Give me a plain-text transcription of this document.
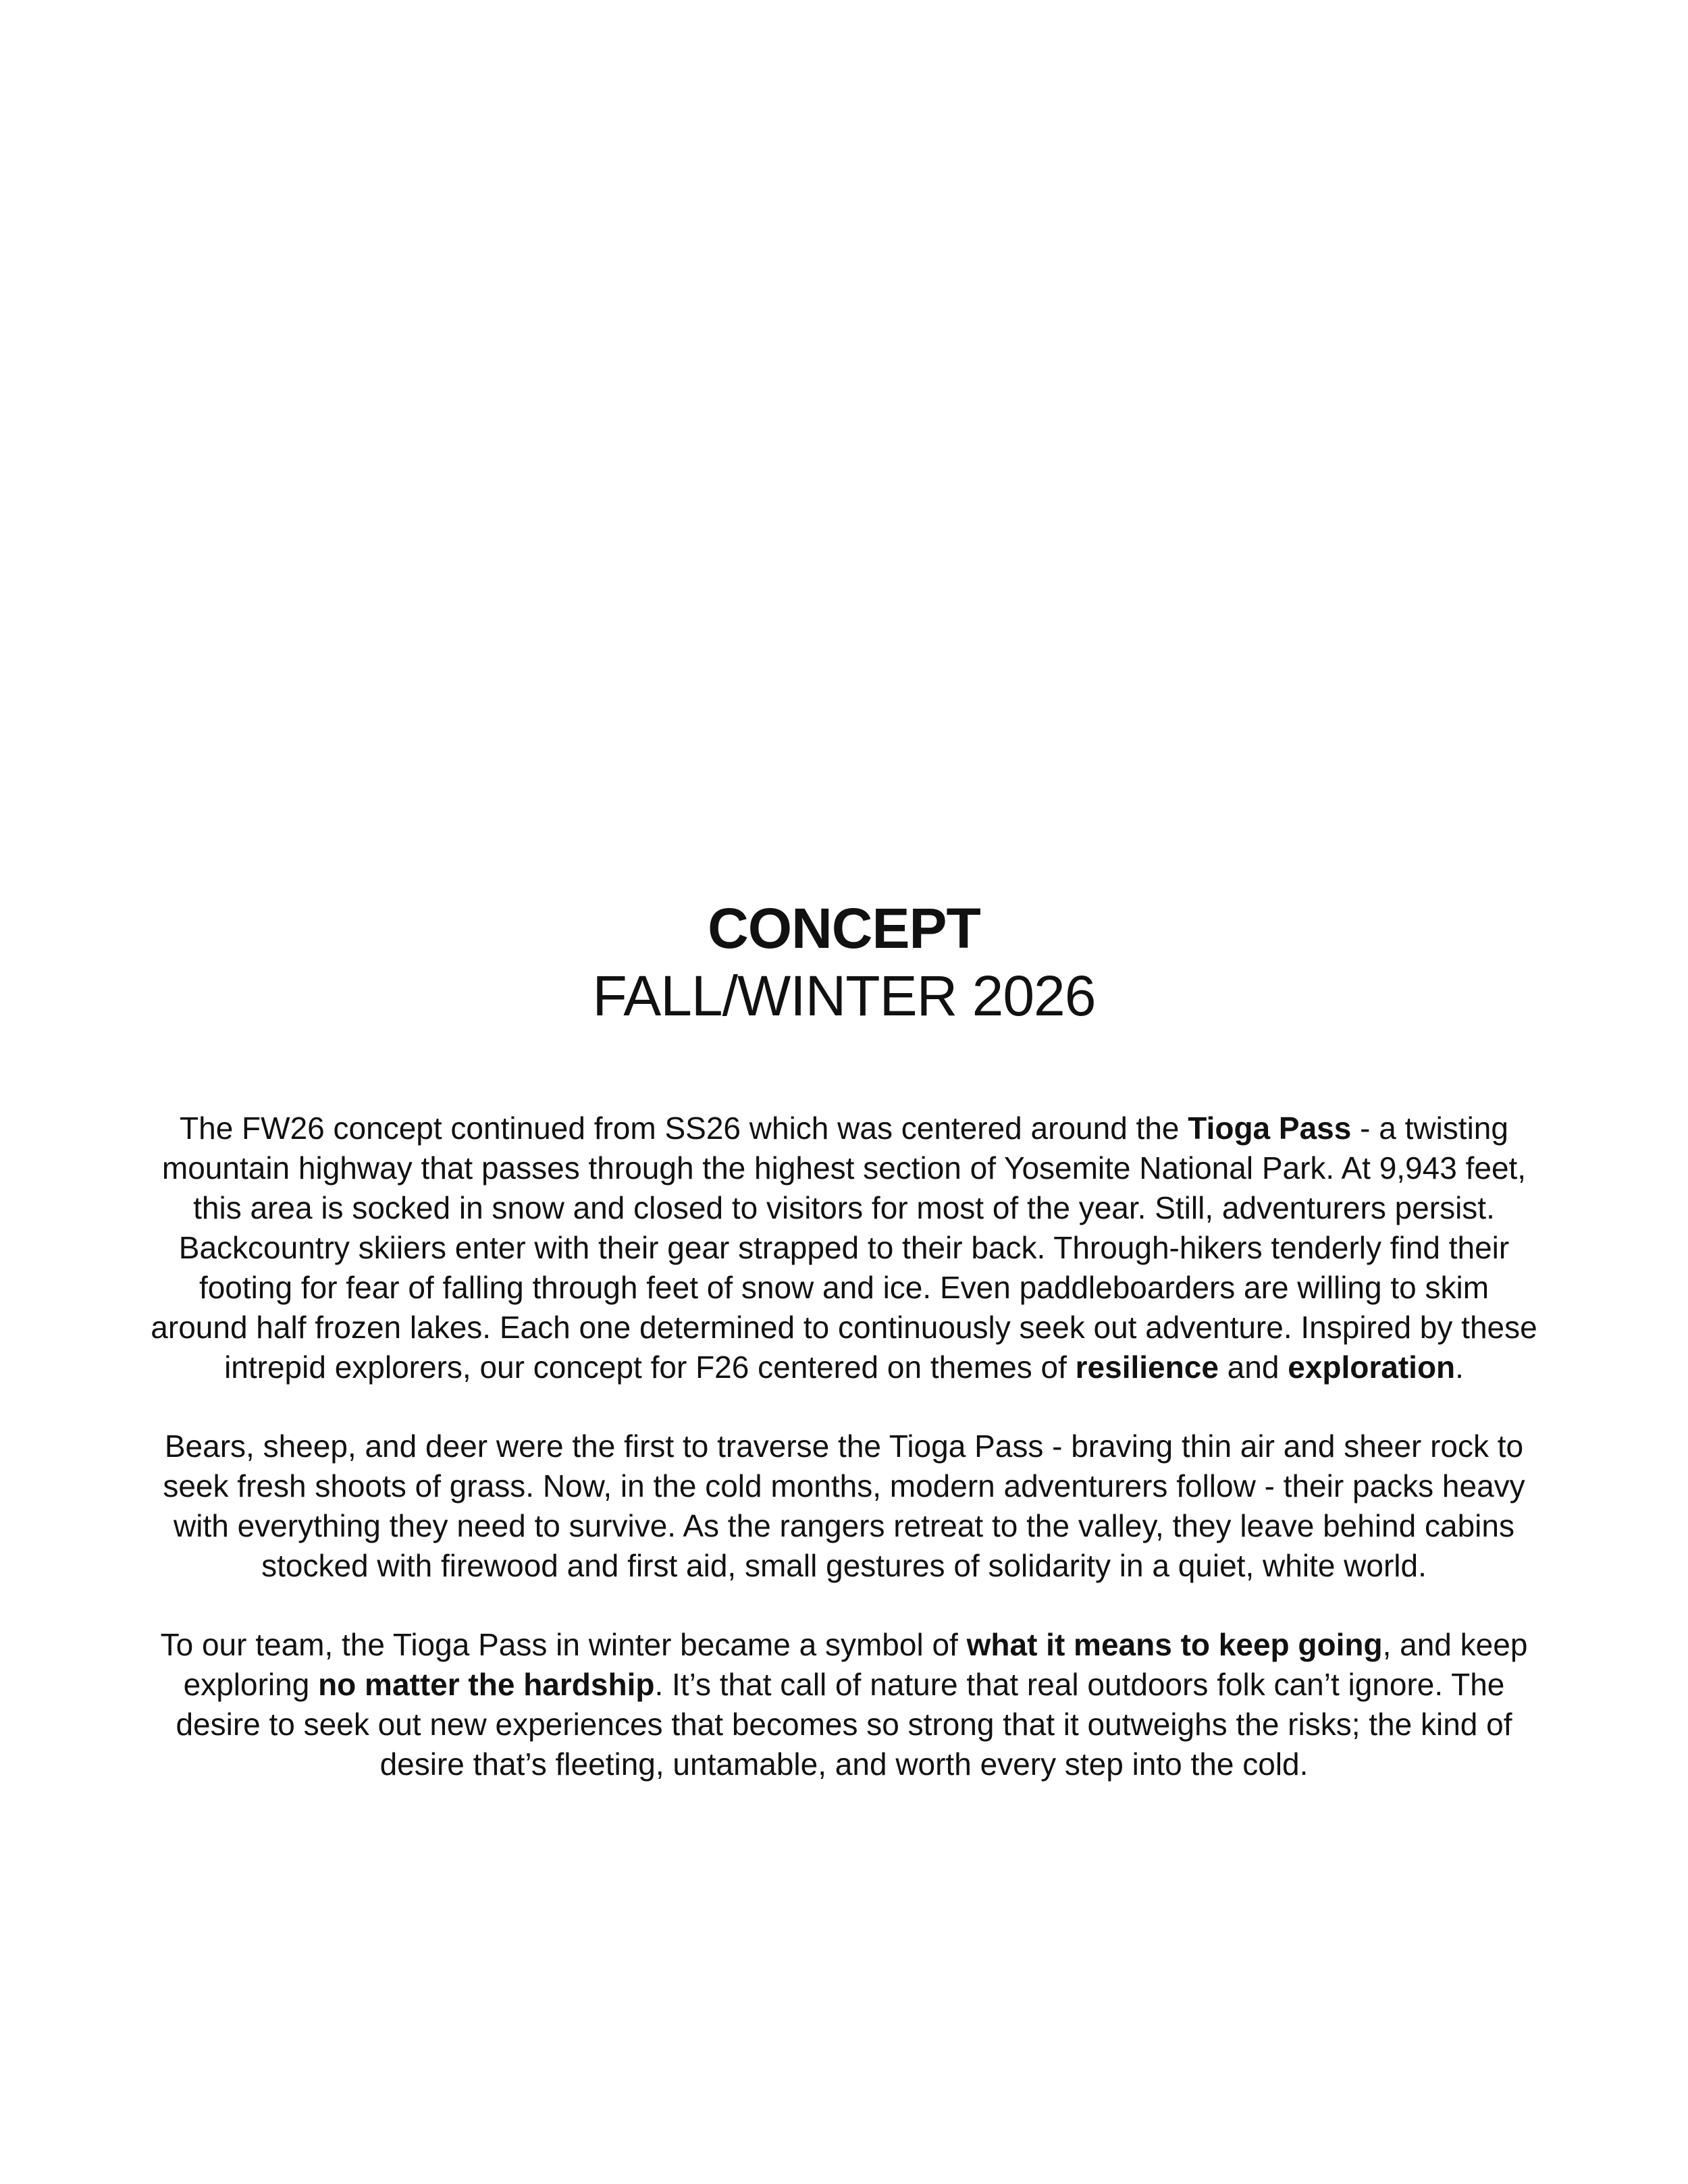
CONCEPT
FALL/WINTER 2026

The FW26 concept continued from SS26 which was centered around the Tioga Pass - a twisting mountain highway that passes through the highest section of Yosemite National Park. At 9,943 feet, this area is socked in snow and closed to visitors for most of the year. Still, adventurers persist. Backcountry skiiers enter with their gear strapped to their back. Through-hikers tenderly find their footing for fear of falling through feet of snow and ice. Even paddleboarders are willing to skim around half frozen lakes. Each one determined to continuously seek out adventure. Inspired by these intrepid explorers, our concept for F26 centered on themes of resilience and exploration.

Bears, sheep, and deer were the first to traverse the Tioga Pass - braving thin air and sheer rock to seek fresh shoots of grass. Now, in the cold months, modern adventurers follow - their packs heavy with everything they need to survive. As the rangers retreat to the valley, they leave behind cabins stocked with firewood and first aid, small gestures of solidarity in a quiet, white world.

To our team, the Tioga Pass in winter became a symbol of what it means to keep going, and keep exploring no matter the hardship. It’s that call of nature that real outdoors folk can’t ignore. The desire to seek out new experiences that becomes so strong that it outweighs the risks; the kind of desire that’s fleeting, untamable, and worth every step into the cold.
